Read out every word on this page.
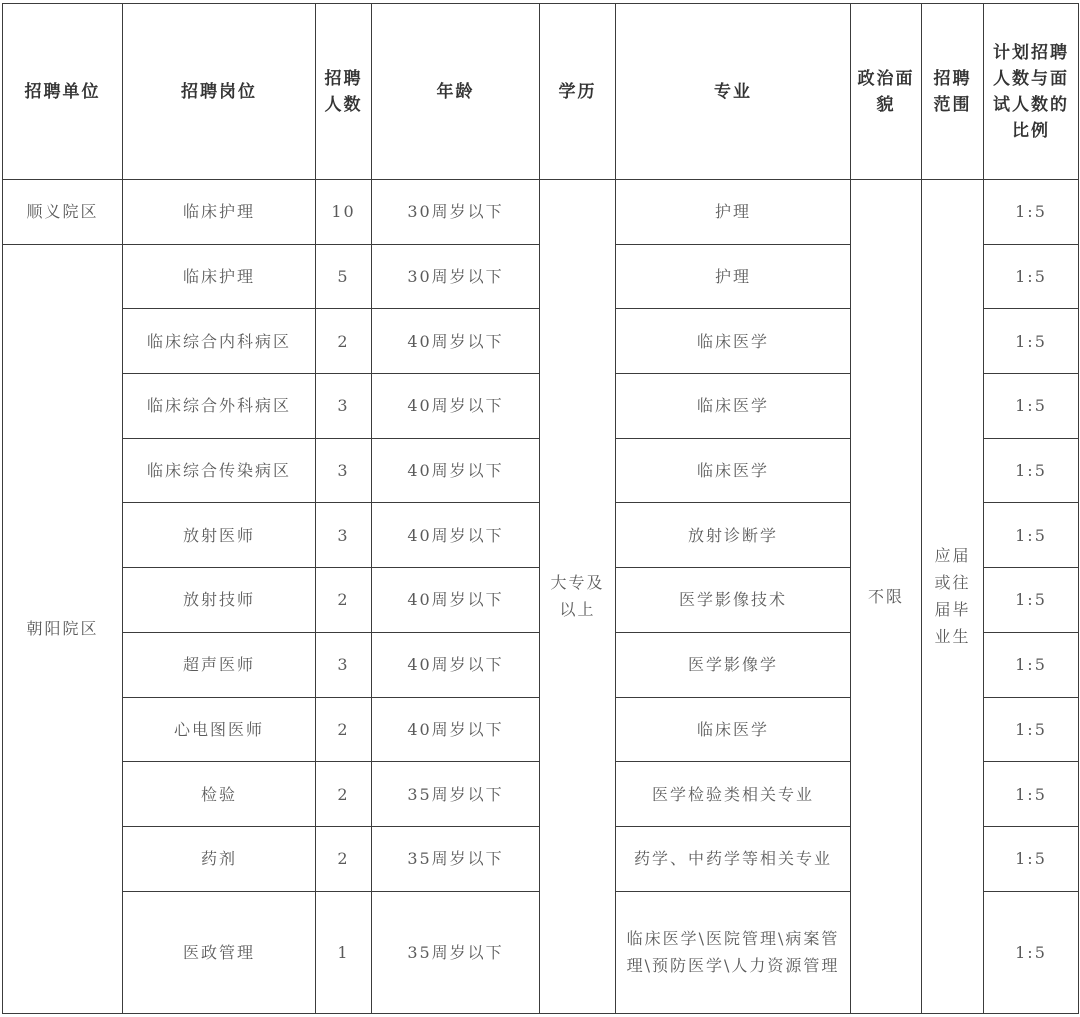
招聘单位	招聘岗位	招聘人数	年龄	学历	专业	政治面貌	招聘范围	计划招聘人数与面试人数的比例
顺义院区	临床护理	10	30周岁以下	大专及以上	护理	不限	应届或往届毕业生	1:5
朝阳院区	临床护理	5	30周岁以下		护理			1:5
	临床综合内科病区	2	40周岁以下		临床医学			1:5
	临床综合外科病区	3	40周岁以下		临床医学			1:5
	临床综合传染病区	3	40周岁以下		临床医学			1:5
	放射医师	3	40周岁以下		放射诊断学			1:5
	放射技师	2	40周岁以下		医学影像技术			1:5
	超声医师	3	40周岁以下		医学影像学			1:5
	心电图医师	2	40周岁以下		临床医学			1:5
	检验	2	35周岁以下		医学检验类相关专业			1:5
	药剂	2	35周岁以下		药学、中药学等相关专业			1:5
	医政管理	1	35周岁以下		临床医学\医院管理\病案管理\预防医学\人力资源管理			1:5
